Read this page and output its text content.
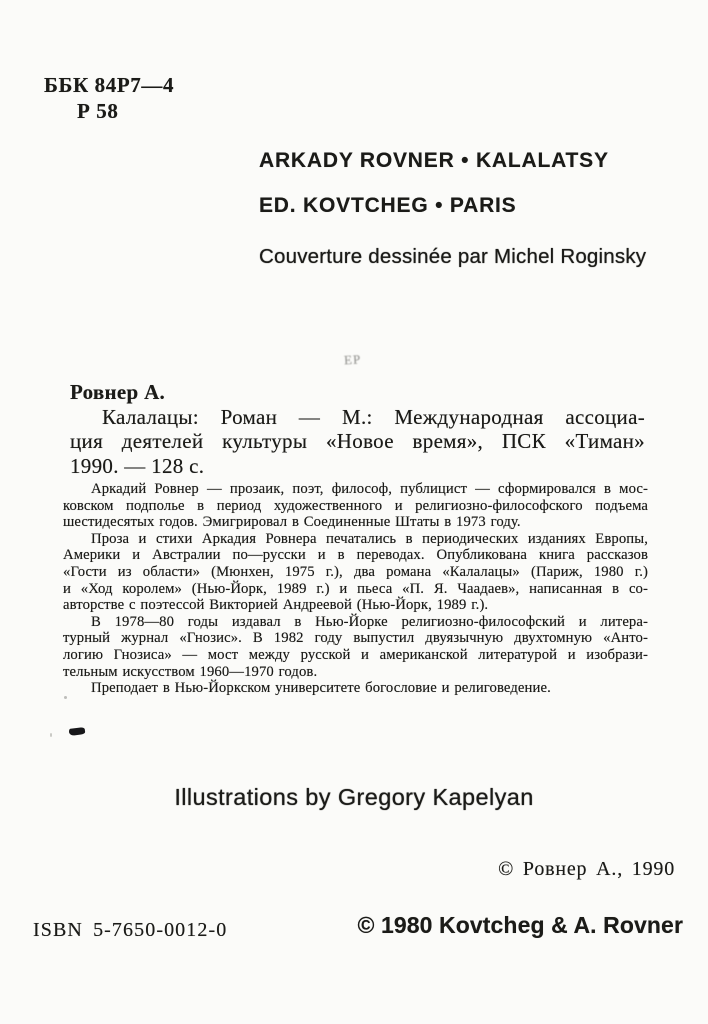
ББК 84Р7—4
Р 58
ARKADY ROVNER • KALALATSY
ED. KOVTCHEG • PARIS
Couverture dessinée par Michel Roginsky
ЕР
Ровнер А.
Калалацы: Роман — М.: Международная ассоциа-
ция деятелей культуры «Новое время», ПСК «Тиман»
1990. — 128 с.
Аркадий Ровнер — прозаик, поэт, философ, публицист — сформировался в мос-
ковском подполье в период художественного и религиозно-философского подъема
шестидесятых годов. Эмигрировал в Соединенные Штаты в 1973 году.
Проза и стихи Аркадия Ровнера печатались в периодических изданиях Европы,
Америки и Австралии по—русски и в переводах. Опубликована книга рассказов
«Гости из области» (Мюнхен, 1975 г.), два романа «Калалацы» (Париж, 1980 г.)
и «Ход королем» (Нью-Йорк, 1989 г.) и пьеса «П. Я. Чаадаев», написанная в со-
авторстве с поэтессой Викторией Андреевой (Нью-Йорк, 1989 г.).
В 1978—80 годы издавал в Нью-Йорке религиозно-философский и литера-
турный журнал «Гнозис». В 1982 году выпустил двуязычную двухтомную «Анто-
логию Гнозиса» — мост между русской и американской литературой и изобрази-
тельным искусством 1960—1970 годов.
Преподает в Нью-Йоркском университете богословие и религоведение.
Illustrations by Gregory Kapelyan
© Ровнер А., 1990
ISBN 5-7650-0012-0	© 1980 Kovtcheg & A. Rovner
